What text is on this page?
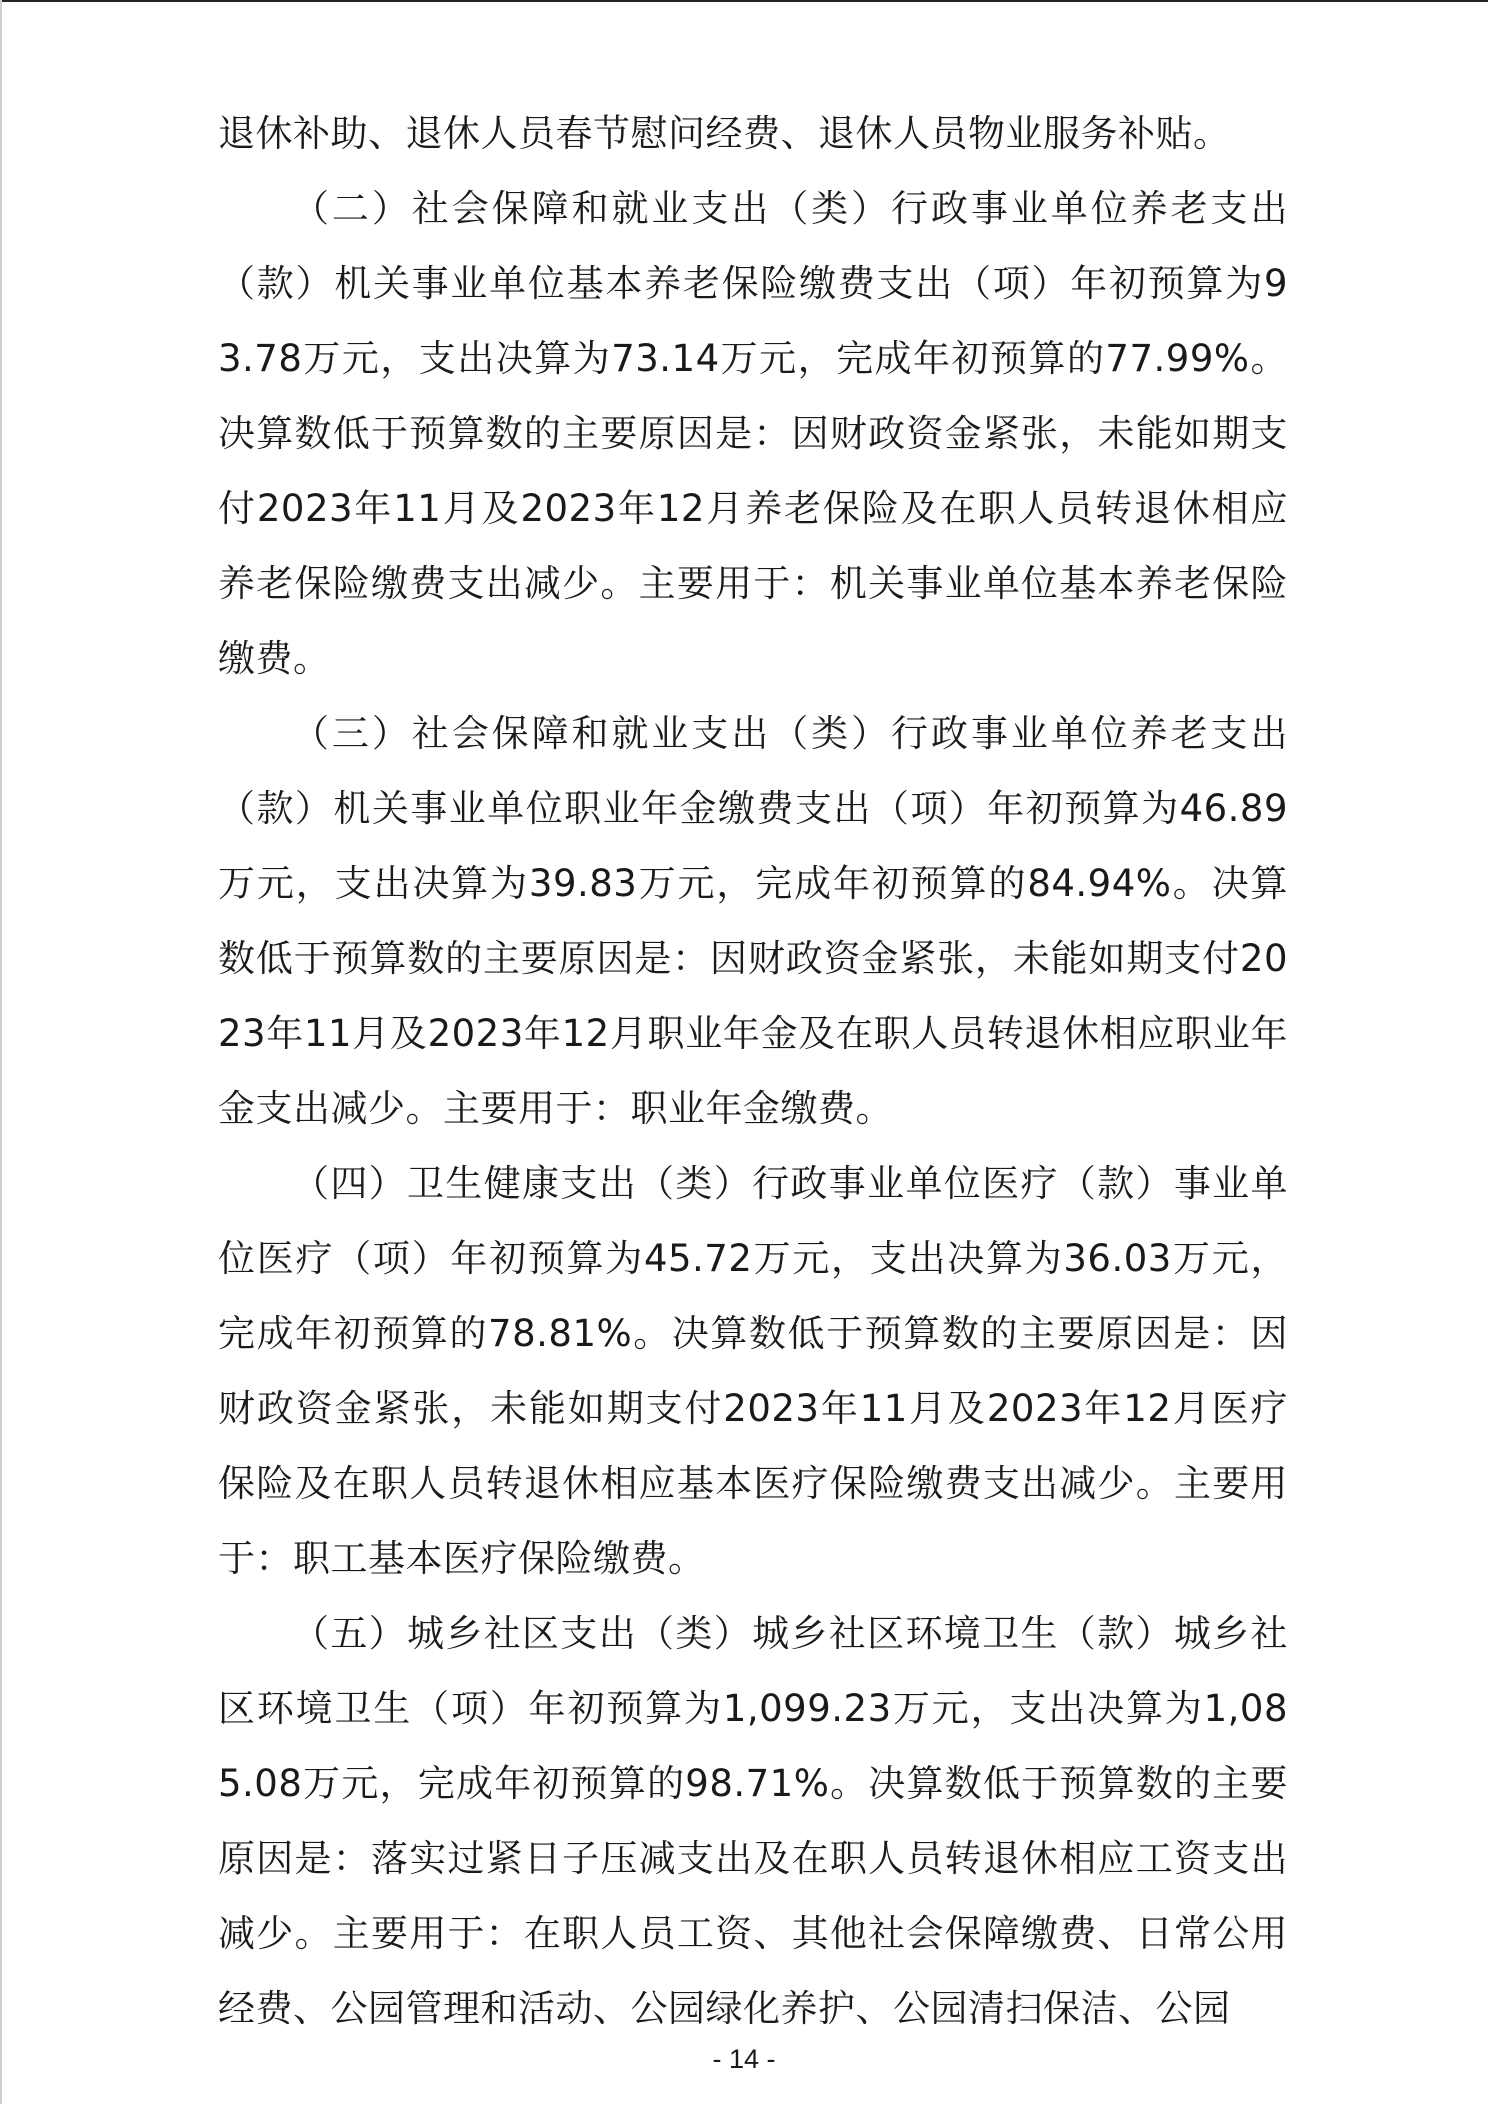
退休补助、退休人员春节慰问经费、退休人员物业服务补贴。

（二）社会保障和就业支出（类）行政事业单位养老支出（款）机关事业单位基本养老保险缴费支出（项）年初预算为93.78万元，支出决算为73.14万元，完成年初预算的77.99%。决算数低于预算数的主要原因是：因财政资金紧张，未能如期支付2023年11月及2023年12月养老保险及在职人员转退休相应养老保险缴费支出减少。主要用于：机关事业单位基本养老保险缴费。

（三）社会保障和就业支出（类）行政事业单位养老支出（款）机关事业单位职业年金缴费支出（项）年初预算为46.89万元，支出决算为39.83万元，完成年初预算的84.94%。决算数低于预算数的主要原因是：因财政资金紧张，未能如期支付2023年11月及2023年12月职业年金及在职人员转退休相应职业年金支出减少。主要用于：职业年金缴费。

（四）卫生健康支出（类）行政事业单位医疗（款）事业单位医疗（项）年初预算为45.72万元，支出决算为36.03万元，完成年初预算的78.81%。决算数低于预算数的主要原因是：因财政资金紧张，未能如期支付2023年11月及2023年12月医疗保险及在职人员转退休相应基本医疗保险缴费支出减少。主要用于：职工基本医疗保险缴费。

（五）城乡社区支出（类）城乡社区环境卫生（款）城乡社区环境卫生（项）年初预算为1,099.23万元，支出决算为1,085.08万元，完成年初预算的98.71%。决算数低于预算数的主要原因是：落实过紧日子压减支出及在职人员转退休相应工资支出减少。主要用于：在职人员工资、其他社会保障缴费、日常公用经费、公园管理和活动、公园绿化养护、公园清扫保洁、公园

- 14 -
